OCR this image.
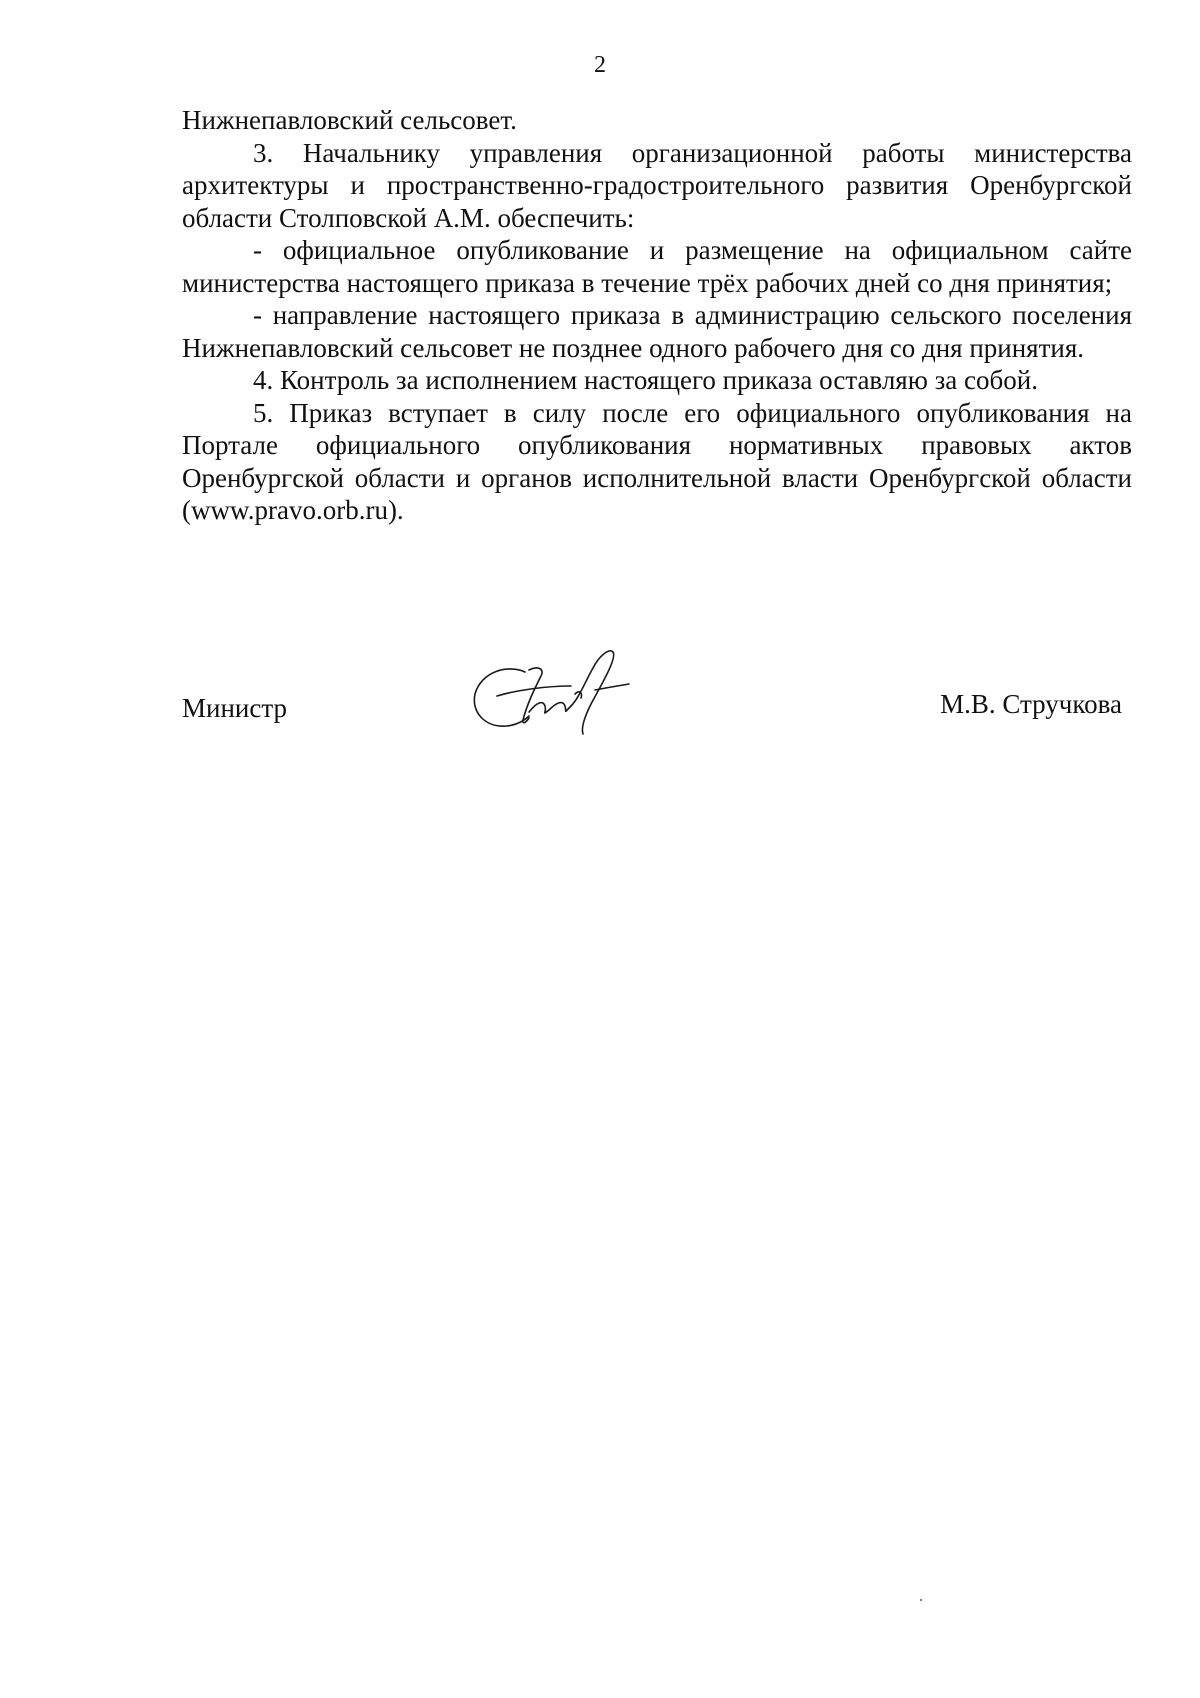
2

Нижнепавловский сельсовет.

3. Начальнику управления организационной работы министерства архитектуры и пространственно-градостроительного развития Оренбургской области Столповской А.М. обеспечить:

- официальное опубликование и размещение на официальном сайте министерства настоящего приказа в течение трёх рабочих дней со дня принятия;

- направление настоящего приказа в администрацию сельского поселения Нижнепавловский сельсовет не позднее одного рабочего дня со дня принятия.

4. Контроль за исполнением настоящего приказа оставляю за собой.

5. Приказ вступает в силу после его официального опубликования на Портале официального опубликования нормативных правовых актов Оренбургской области и органов исполнительной власти Оренбургской области (www.pravo.orb.ru).

Министр	М.В. Стручкова
